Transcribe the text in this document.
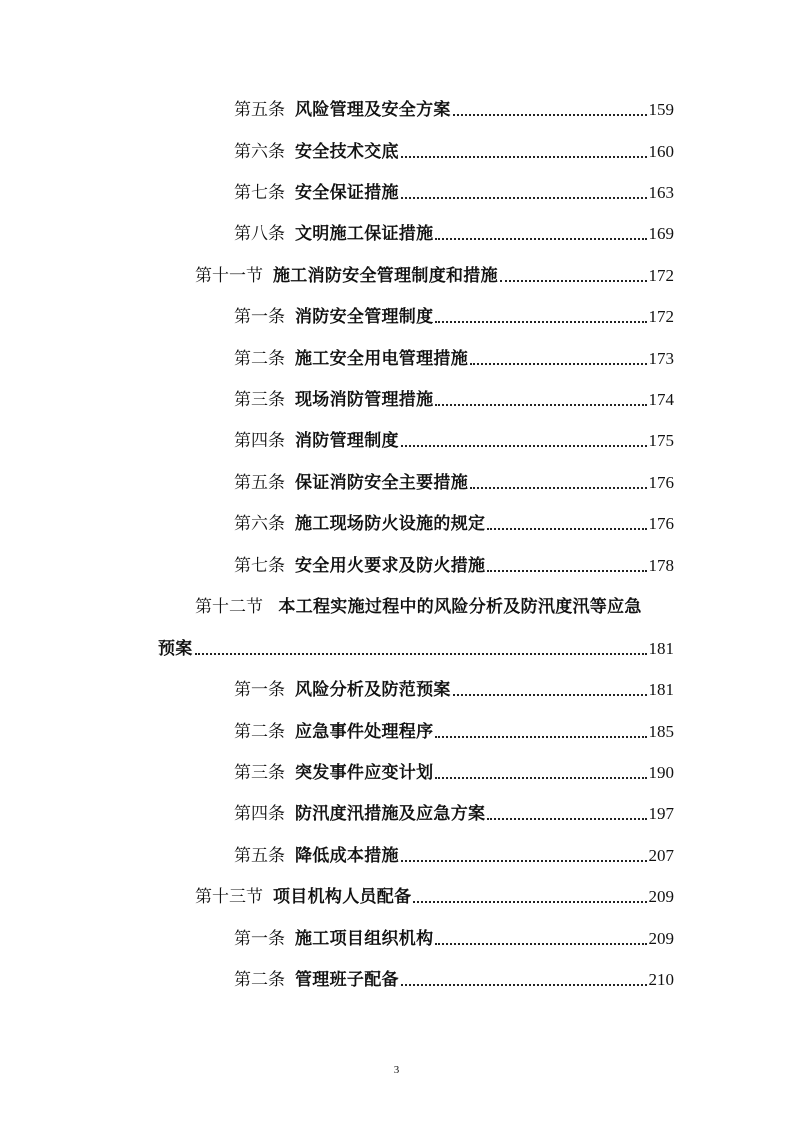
第五条 风险管理及安全方案	159
第六条 安全技术交底	160
第七条 安全保证措施	163
第八条 文明施工保证措施	169
第十一节 施工消防安全管理制度和措施	172
第一条 消防安全管理制度	172
第二条 施工安全用电管理措施	173
第三条 现场消防管理措施	174
第四条 消防管理制度	175
第五条 保证消防安全主要措施	176
第六条 施工现场防火设施的规定	176
第七条 安全用火要求及防火措施	178
第十二节 本工程实施过程中的风险分析及防汛度汛等应急
预案	181
第一条 风险分析及防范预案	181
第二条 应急事件处理程序	185
第三条 突发事件应变计划	190
第四条 防汛度汛措施及应急方案	197
第五条 降低成本措施	207
第十三节 项目机构人员配备	209
第一条 施工项目组织机构	209
第二条 管理班子配备	210
3
